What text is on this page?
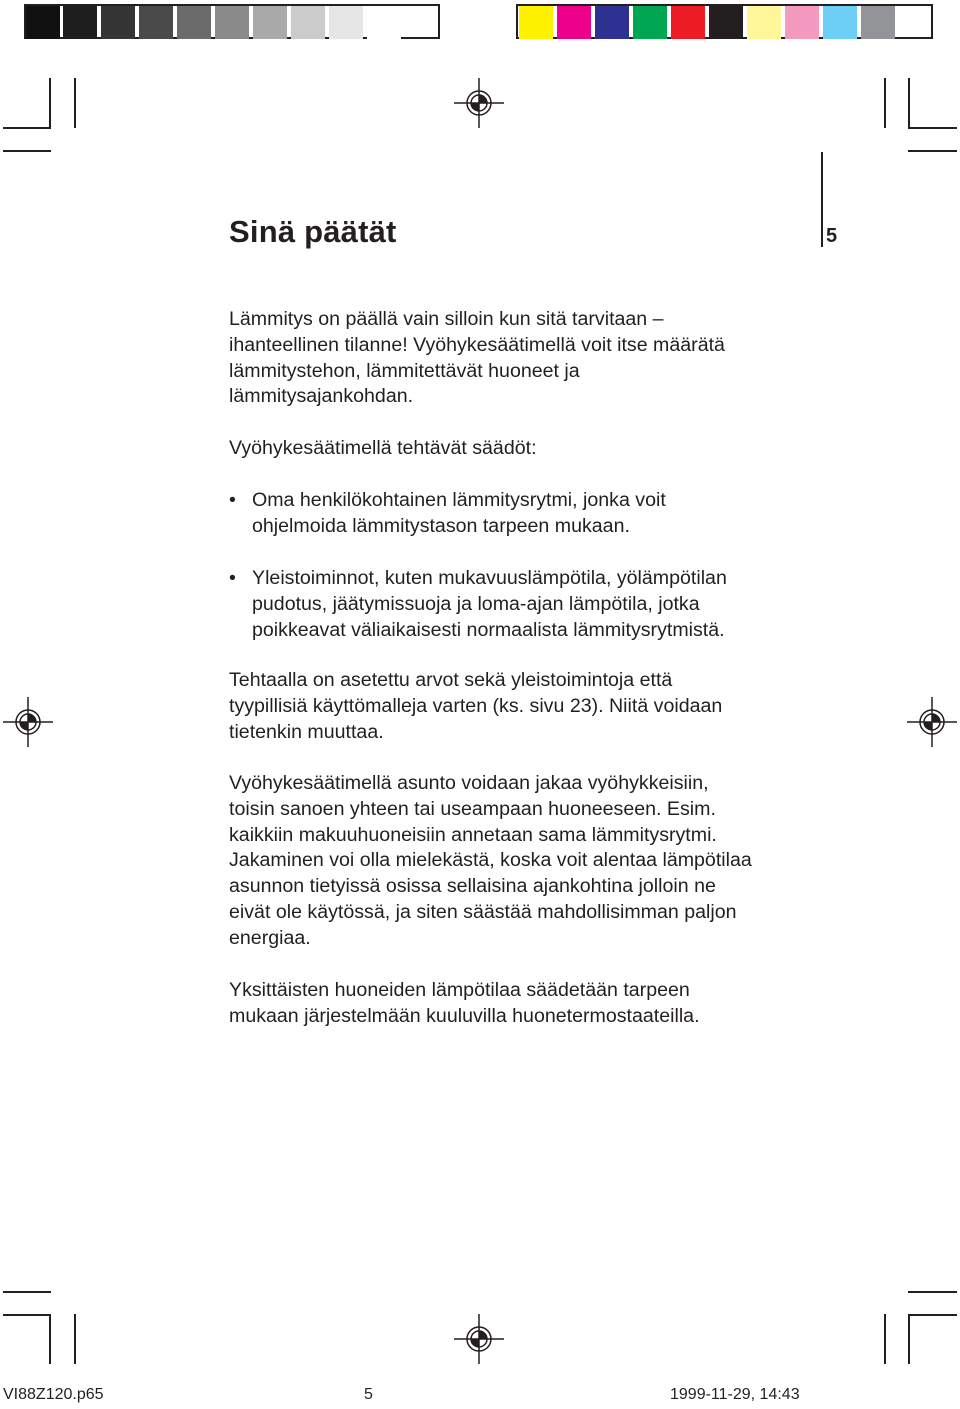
Sinä päätät	5

Lämmitys on päällä vain silloin kun sitä tarvitaan –
ihanteellinen tilanne! Vyöhykesäätimellä voit itse määrätä
lämmitystehon, lämmitettävät huoneet ja
lämmitysajankohdan.

Vyöhykesäätimellä tehtävät säädöt:

• Oma henkilökohtainen lämmitysrytmi, jonka voit
ohjelmoida lämmitystason tarpeen mukaan.
• Yleistoiminnot, kuten mukavuuslämpötila, yölämpötilan
pudotus, jäätymissuoja ja loma-ajan lämpötila, jotka
poikkeavat väliaikaisesti normaalista lämmitysrytmistä.

Tehtaalla on asetettu arvot sekä yleistoimintoja että
tyypillisiä käyttömalleja varten (ks. sivu 23). Niitä voidaan
tietenkin muuttaa.

Vyöhykesäätimellä asunto voidaan jakaa vyöhykkeisiin,
toisin sanoen yhteen tai useampaan huoneeseen. Esim.
kaikkiin makuuhuoneisiin annetaan sama lämmitysrytmi.
Jakaminen voi olla mielekästä, koska voit alentaa lämpötilaa
asunnon tietyissä osissa sellaisina ajankohtina jolloin ne
eivät ole käytössä, ja siten säästää mahdollisimman paljon
energiaa.

Yksittäisten huoneiden lämpötilaa säädetään tarpeen
mukaan järjestelmään kuuluvilla huonetermostaateilla.

VI88Z120.p65	5	1999-11-29, 14:43
